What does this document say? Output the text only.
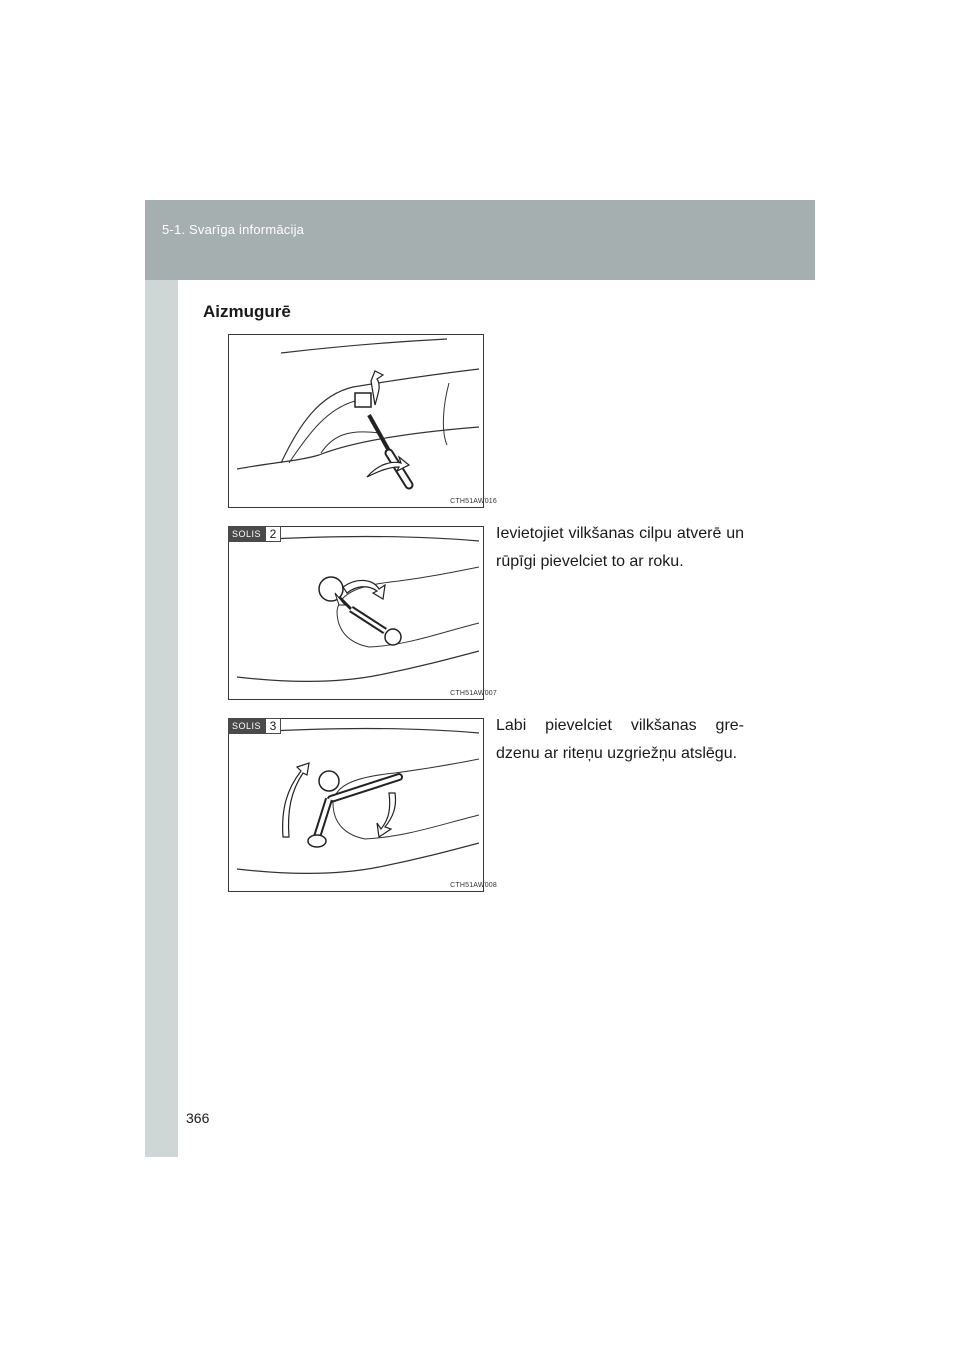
5-1. Svarīga informācija
Aizmugurē
CTH51AW016
SOLIS 2
CTH51AW007
SOLIS 3
CTH51AW008
Ievietojiet vilkšanas cilpu atverē un rūpīgi pievelciet to ar roku.
Labi pievelciet vilkšanas gre-dzenu ar riteņu uzgriežņu atslēgu.
366
